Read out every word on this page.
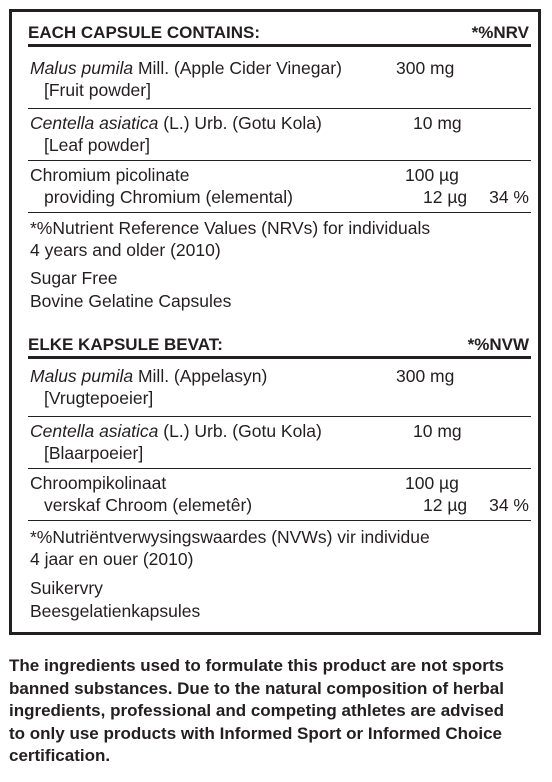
EACH CAPSULE CONTAINS:	*%NRV
Malus pumila Mill. (Apple Cider Vinegar)
[Fruit powder]
300 mg
Centella asiatica (L.) Urb. (Gotu Kola)
[Leaf powder]
10 mg
Chromium picolinate
providing Chromium (elemental)
100 µg
12 µg 34 %
*%Nutrient Reference Values (NRVs) for individuals
4 years and older (2010)
Sugar Free
Bovine Gelatine Capsules
ELKE KAPSULE BEVAT:	*%NVW
Malus pumila Mill. (Appelasyn)
[Vrugtepoeier]
300 mg
Centella asiatica (L.) Urb. (Gotu Kola)
[Blaarpoeier]
10 mg
Chroompikolinaat
verskaf Chroom (elemetêr)
100 µg
12 µg 34 %
*%Nutriëntverwysingswaardes (NVWs) vir individue
4 jaar en ouer (2010)
Suikervry
Beesgelatienkapsules
The ingredients used to formulate this product are not sports
banned substances. Due to the natural composition of herbal
ingredients, professional and competing athletes are advised
to only use products with Informed Sport or Informed Choice
certification.
